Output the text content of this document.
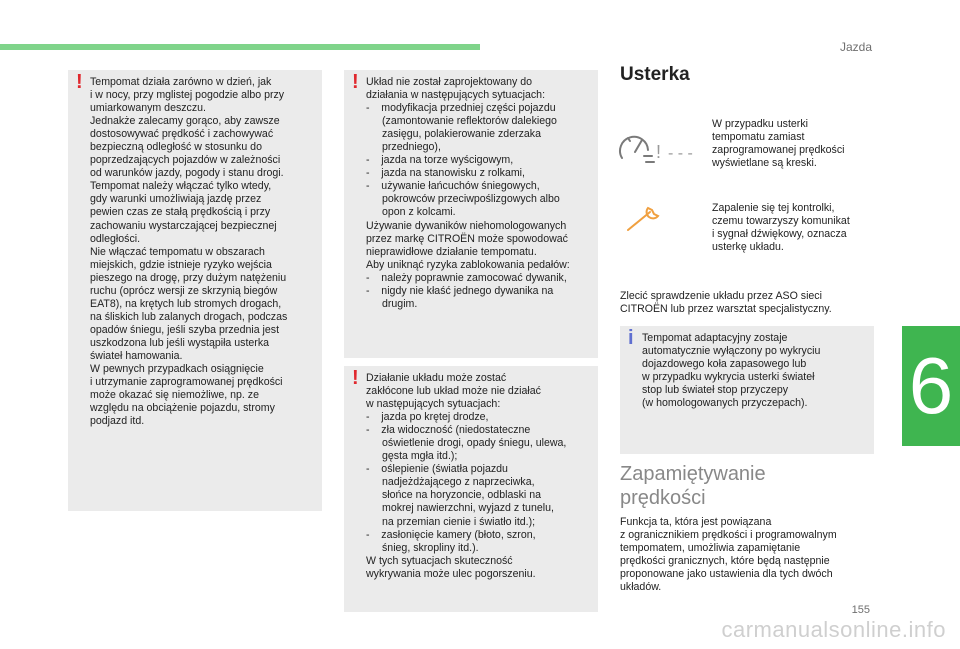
Jazda
6
! Tempomat działa zarówno w dzień, jak
i w nocy, przy mglistej pogodzie albo przy
umiarkowanym deszczu.
Jednakże zalecamy gorąco, aby zawsze
dostosowywać prędkość i zachowywać
bezpieczną odległość w stosunku do
poprzedzających pojazdów w zależności
od warunków jazdy, pogody i stanu drogi.
Tempomat należy włączać tylko wtedy,
gdy warunki umożliwiają jazdę przez
pewien czas ze stałą prędkością i przy
zachowaniu wystarczającej bezpiecznej
odległości.
Nie włączać tempomatu w obszarach
miejskich, gdzie istnieje ryzyko wejścia
pieszego na drogę, przy dużym natężeniu
ruchu (oprócz wersji ze skrzynią biegów
EAT8), na krętych lub stromych drogach,
na śliskich lub zalanych drogach, podczas
opadów śniegu, jeśli szyba przednia jest
uszkodzona lub jeśli wystąpiła usterka
świateł hamowania.
W pewnych przypadkach osiągnięcie
i utrzymanie zaprogramowanej prędkości
może okazać się niemożliwe, np. ze
względu na obciążenie pojazdu, stromy
podjazd itd.
! Układ nie został zaprojektowany do
działania w następujących sytuacjach:

-    modyfikacja przedniej części pojazdu
(zamontowanie reflektorów dalekiego
zasięgu, polakierowanie zderzaka
przedniego),
-    jazda na torze wyścigowym,
-    jazda na stanowisku z rolkami,
-    używanie łańcuchów śniegowych,
pokrowców przeciwpoślizgowych albo
opon z kolcami.
Używanie dywaników niehomologowanych
przez markę CITROËN może spowodować
nieprawidłowe działanie tempomatu.
Aby uniknąć ryzyka zablokowania pedałów:

-    należy poprawnie zamocować dywanik,
-    nigdy nie kłaść jednego dywanika na
drugim.
! Działanie układu może zostać
zakłócone lub układ może nie działać
w następujących sytuacjach:

-    jazda po krętej drodze,
-    zła widoczność (niedostateczne
oświetlenie drogi, opady śniegu, ulewa,
gęsta mgła itd.);
-    oślepienie (światła pojazdu
nadjeżdżającego z naprzeciwka,
słońce na horyzoncie, odblaski na
mokrej nawierzchni, wyjazd z tunelu,
na przemian cienie i światło itd.);
-    zasłonięcie kamery (błoto, szron,
śnieg, skropliny itd.).
W tych sytuacjach skuteczność
wykrywania może ulec pogorszeniu.
Usterka
! - - -
W przypadku usterki
tempomatu zamiast
zaprogramowanej prędkości
wyświetlane są kreski.
Zapalenie się tej kontrolki,
czemu towarzyszy komunikat
i sygnał dźwiękowy, oznacza
usterkę układu.
Zlecić sprawdzenie układu przez ASO sieci
CITROËN lub przez warsztat specjalistyczny.
i Tempomat adaptacyjny zostaje
automatycznie wyłączony po wykryciu
dojazdowego koła zapasowego lub
w przypadku wykrycia usterki świateł
stop lub świateł stop przyczepy
(w homologowanych przyczepach).
Zapamiętywanie
prędkości
Funkcja ta, która jest powiązana
z ogranicznikiem prędkości i programowalnym
tempomatem, umożliwia zapamiętanie
prędkości granicznych, które będą następnie
proponowane jako ustawienia dla tych dwóch
układów.
155
carmanualsonline.info
